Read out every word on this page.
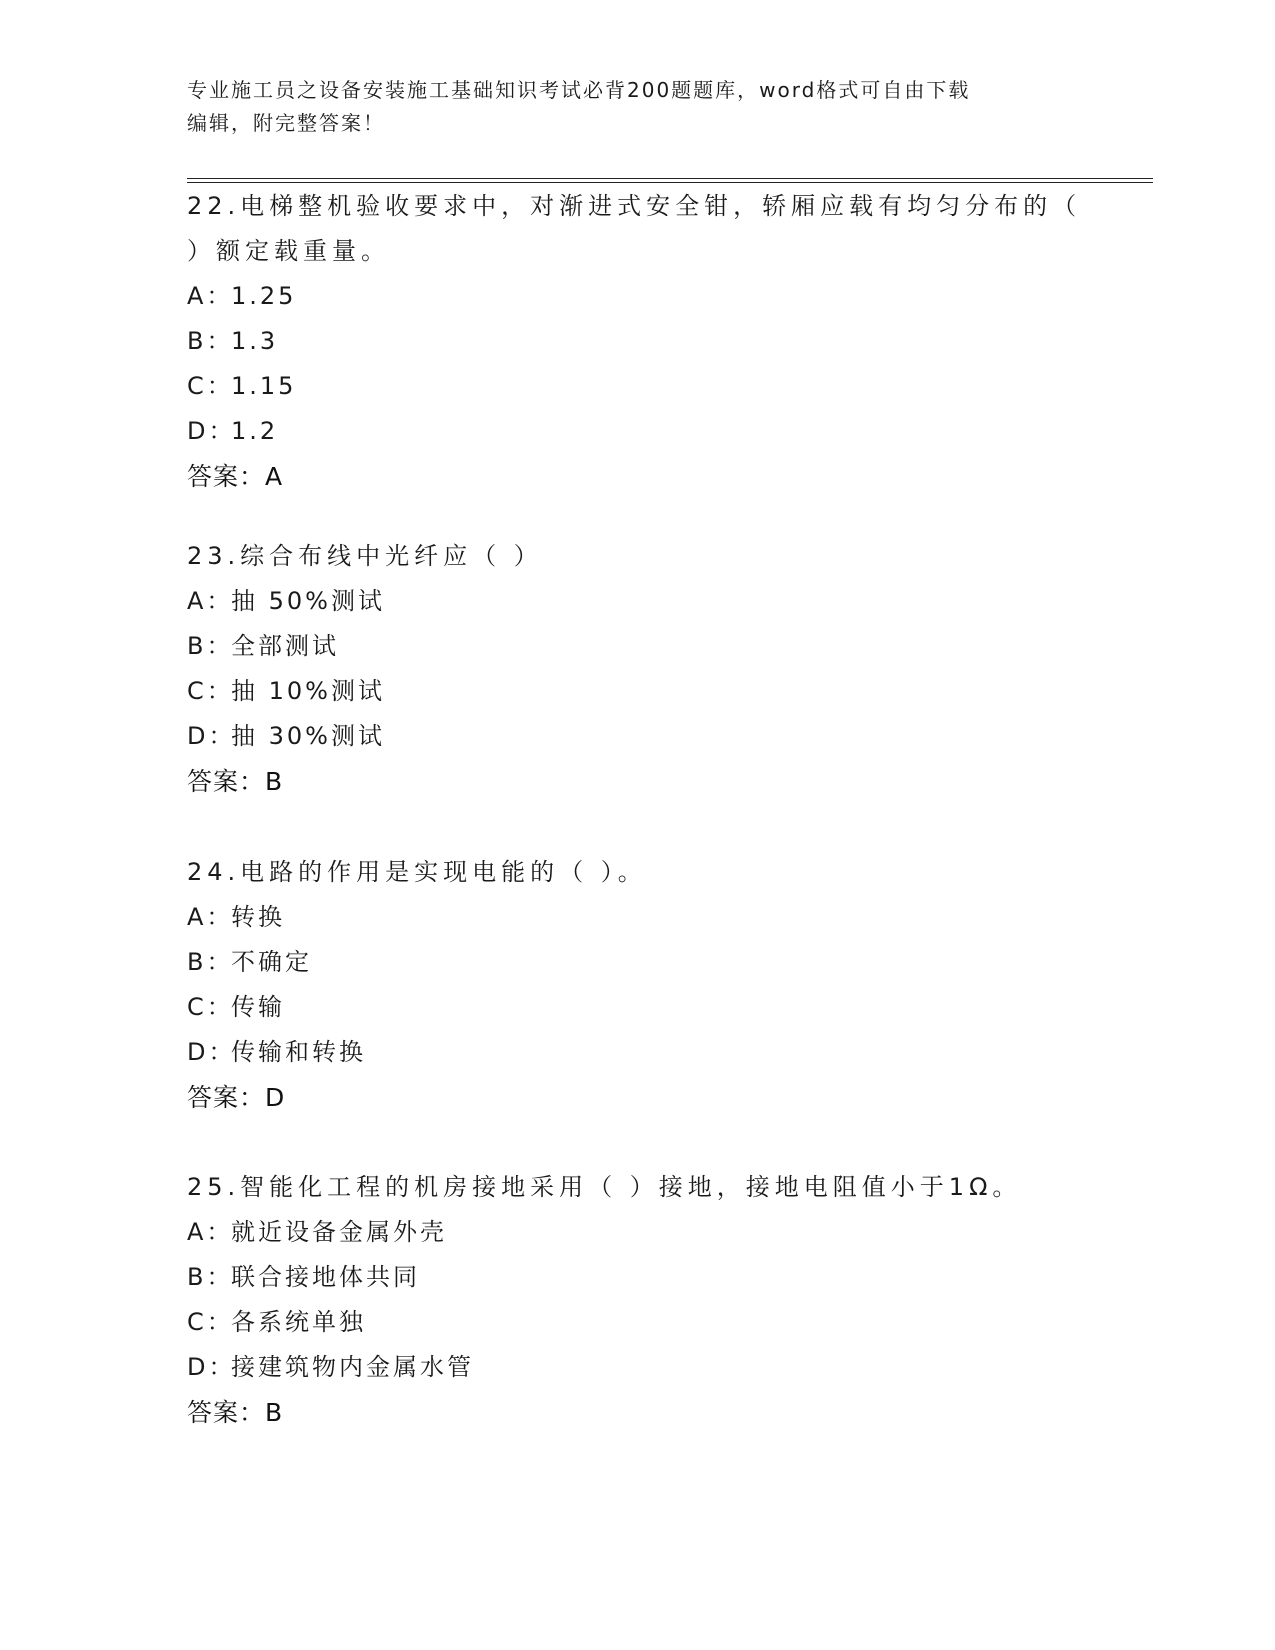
专业施工员之设备安装施工基础知识考试必背200题题库，word格式可自由下载
编辑，附完整答案！
22.电梯整机验收要求中，对渐进式安全钳，轿厢应载有均匀分布的（
）额定载重量。
A：
1.25
B：
1.3
C：
1.15
D：
1.2
答案：A
23.综合布线中光纤应（ ）
A：
抽 50%测试
B：
全部测试
C：
抽 10%测试
D：
抽 30%测试
答案：B
24.电路的作用是实现电能的（ ）。
A：
转换
B：
不确定
C：
传输
D：
传输和转换
答案：D
25.智能化工程的机房接地采用（ ）接地，接地电阻值小于1Ω。
A：
就近设备金属外壳
B：
联合接地体共同
C：
各系统单独
D：
接建筑物内金属水管
答案：B
